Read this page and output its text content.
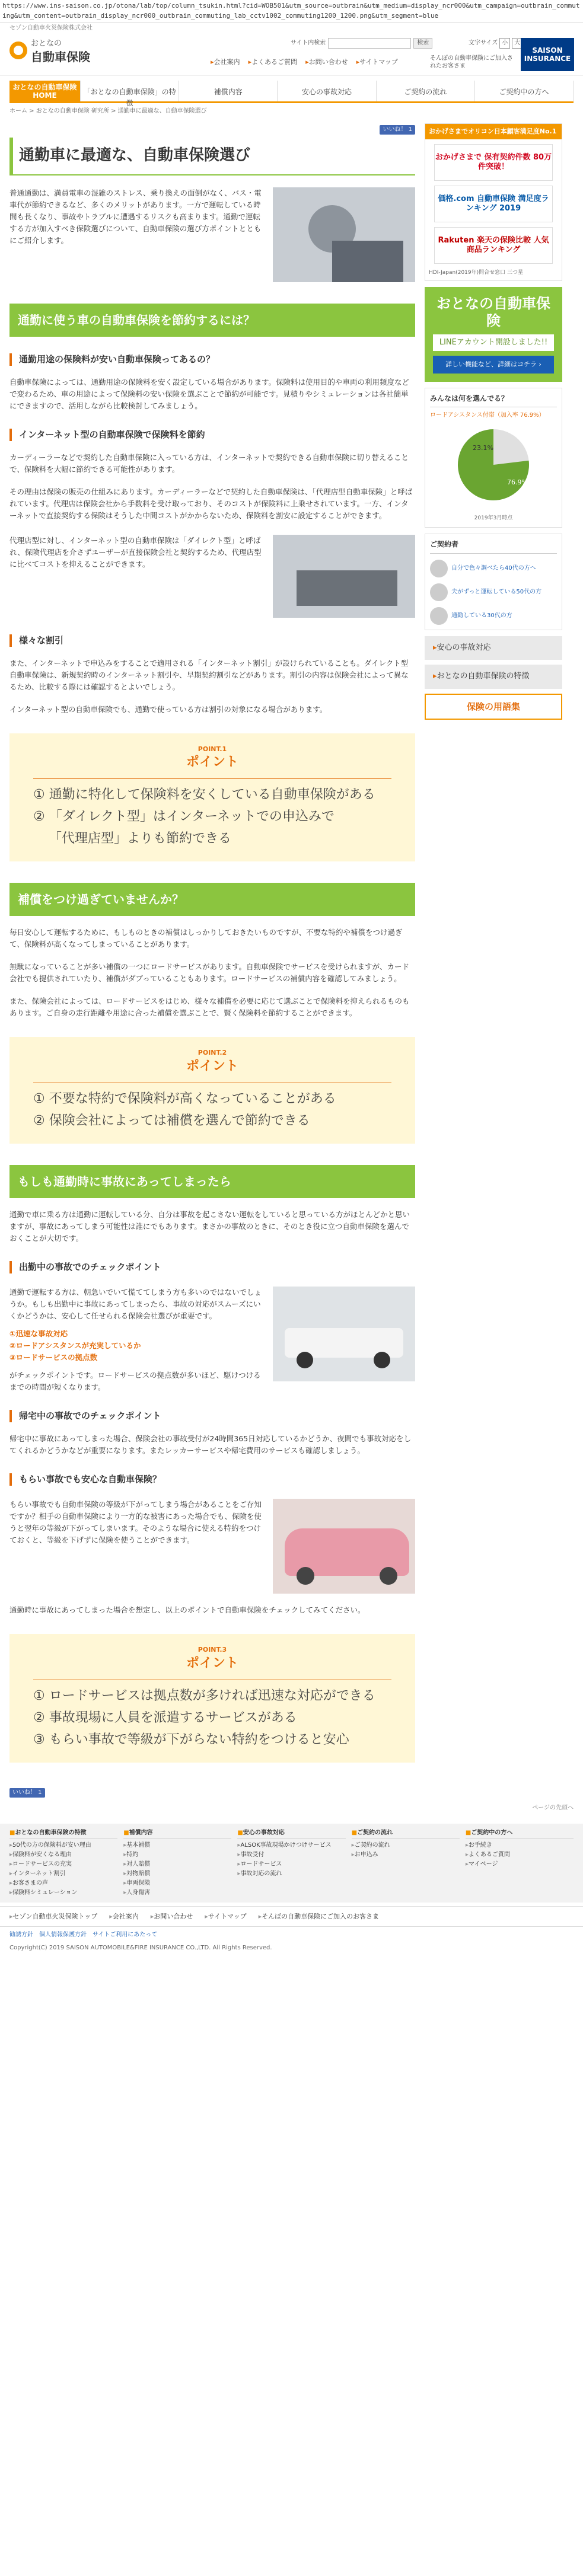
https://www.ins-saison.co.jp/otona/lab/top/column_tsukin.html?cid=WOB501&utm_source=outbrain&utm_medium=display_ncr000&utm_campaign=outbrain_commuting&utm_content=outbrain_display_ncr000_outbrain_commuting_lab_cctv1002_commuting1200_1200.png&utm_segment=blue
セゾン自動車火災保険株式会社
おとなの
自動車保険
サイト内検索	検索	文字サイズ 小	大
▸ 会社案内	▸ よくあるご質問	▸ お問い合わせ	▸ サイトマップ	そんぽの自動車保険にご加入されたお客さま
SAISON INSURANCE
おとなの自動車保険 HOME	「おとなの自動車保険」の特徴
補償内容	安心の事故対応	ご契約の流れ	ご契約中の方へ
ホーム > おとなの自動車保険 研究所 > 通勤車に最適な、自動車保険選び
いいね！ 1
通勤車に最適な、自動車保険選び

普通通勤は、満員電車の混雑のストレス、乗り換えの面倒がなく、バス・電車代が節約できるなど、多くのメリットがあります。一方で運転している時間も長くなり、事故やトラブルに遭遇するリスクも高まります。通勤で運転する方が加入すべき保険選びについて、自動車保険の選び方ポイントとともにご紹介します。

通勤に使う車の自動車保険を節約するには？
通勤用途の保険料が安い自動車保険ってあるの？
自動車保険によっては、通勤用途の保険料を安く設定している場合があります。保険料は使用目的や車両の利用頻度などで変わるため、車の用途によって保険料の安い保険を選ぶことで節約が可能です。見積りやシミュレーションは各社簡単にできますので、活用しながら比較検討してみましょう。
インターネット型の自動車保険で保険料を節約
カーディーラーなどで契約した自動車保険に入っている方は、インターネットで契約できる自動車保険に切り替えることで、保険料を大幅に節約できる可能性があります。
その理由は保険の販売の仕組みにあります。カーディーラーなどで契約した自動車保険は、「代理店型自動車保険」と呼ばれています。代理店は保険会社から手数料を受け取っており、そのコストが保険料に上乗せされています。一方、インターネットで直接契約する保険はそうした中間コストがかからないため、保険料を割安に設定することができます。

代理店型に対し、インターネット型の自動車保険は「ダイレクト型」と呼ばれ、保険代理店を介さずユーザーが直接保険会社と契約するため、代理店型に比べてコストを抑えることができます。

様々な割引
また、インターネットで申込みをすることで適用される「インターネット割引」が設けられていることも。ダイレクト型自動車保険は、新規契約時のインターネット割引や、早期契約割引などがあります。割引の内容は保険会社によって異なるため、比較する際には確認するとよいでしょう。
インターネット型の自動車保険でも、通勤で使っている方は割引の対象になる場合があります。
POINT.1
ポイント
① 通勤に特化して保険料を安くしている自動車保険がある
② 「ダイレクト型」はインターネットでの申込みで
「代理店型」よりも節約できる
補償をつけ過ぎていませんか？
毎日安心して運転するために、もしものときの補償はしっかりしておきたいものですが、不要な特約や補償をつけ過ぎて、保険料が高くなってしまっていることがあります。
無駄になっていることが多い補償の一つにロードサービスがあります。自動車保険でサービスを受けられますが、カード会社でも提供されていたり、補償がダブっていることもあります。ロードサービスの補償内容を確認してみましょう。
また、保険会社によっては、ロードサービスをはじめ、様々な補償を必要に応じて選ぶことで保険料を抑えられるものもあります。ご自身の走行距離や用途に合った補償を選ぶことで、賢く保険料を節約することができます。
POINT.2
ポイント
① 不要な特約で保険料が高くなっていることがある
② 保険会社によっては補償を選んで節約できる
もしも通勤時に事故にあってしまったら
通勤で車に乗る方は通勤に運転している分、自分は事故を起こさない運転をしていると思っている方がほとんどかと思いますが、事故にあってしまう可能性は誰にでもあります。まさかの事故のときに、そのとき役に立つ自動車保険を選んでおくことが大切です。
出勤中の事故でのチェックポイント

通勤で運転する方は、朝急いでいて慌ててしまう方も多いのではないでしょうか。もしも出勤中に事故にあってしまったら、事故の対応がスムーズにいくかどうかは、安心して任せられる保険会社選びが重要です。

①迅速な事故対応
②ロードアシスタンスが充実しているか
③ロードサービスの拠点数

がチェックポイントです。ロードサービスの拠点数が多いほど、駆けつけるまでの時間が短くなります。

帰宅中の事故でのチェックポイント
帰宅中に事故にあってしまった場合、保険会社の事故受付が24時間365日対応しているかどうか、夜間でも事故対応をしてくれるかどうかなどが重要になります。またレッカーサービスや帰宅費用のサービスも確認しましょう。
もらい事故でも安心な自動車保険？

もらい事故でも自動車保険の等級が下がってしまう場合があることをご存知ですか？相手の自動車保険により一方的な被害にあった場合でも、保険を使うと翌年の等級が下がってしまいます。そのような場合に使える特約をつけておくと、等級を下げずに保険を使うことができます。

通勤時に事故にあってしまった場合を想定し、以上のポイントで自動車保険をチェックしてみてください。
POINT.3
ポイント
① ロードサービスは拠点数が多ければ迅速な対応ができる
② 事故現場に人員を派遣するサービスがある
③ もらい事故で等級が下がらない特約をつけると安心
いいね！ 1
おかげさまでオリコン日本顧客満足度No.1
おかげさまで 保有契約件数 80万件突破！
価格.com 自動車保険 満足度ランキング 2019
Rakuten 楽天の保険比較 人気商品ランキング
HDI-Japan(2019年)問合せ窓口 三つ星
おとなの自動車保険
LINEアカウント開設しました!!
詳しい機能など、詳細はコチラ ›
みんなは何を選んでる？
ロードアシスタンス付帯（加入率 76.9%）
76.9%
23.1%
2019年3月時点
ご契約者
自分で色々調べたら40代の方へ
夫がずっと運転している50代の方
通勤している30代の方
▸ 安心の事故対応
▸ おとなの自動車保険の特徴
保険の用語集
ページの先頭へ
■ おとなの自動車保険の特徴
▸ 50代の方の保険料が安い理由
▸ 保険料が安くなる理由
▸ ロードサービスの充実
▸ インターネット割引
▸ お客さまの声
▸ 保険料シミュレーション
■ 補償内容
▸ 基本補償
▸ 特約
▸ 対人賠償
▸ 対物賠償
▸ 車両保険
▸ 人身傷害
■ 安心の事故対応
▸ ALSOK事故現場かけつけサービス
▸ 事故受付
▸ ロードサービス
▸ 事故対応の流れ
■ ご契約の流れ
▸ ご契約の流れ
▸ お申込み
■ ご契約中の方へ
▸ お手続き
▸ よくあるご質問
▸ マイページ
▸ セゾン自動車火災保険トップ	▸ 会社案内	▸ お問い合わせ	▸ サイトマップ	▸ そんぽの自動車保険にご加入のお客さま
勧誘方針 個人情報保護方針 サイトご利用にあたって
Copyright(C) 2019 SAISON AUTOMOBILE&FIRE INSURANCE CO.,LTD. All Rights Reserved.
